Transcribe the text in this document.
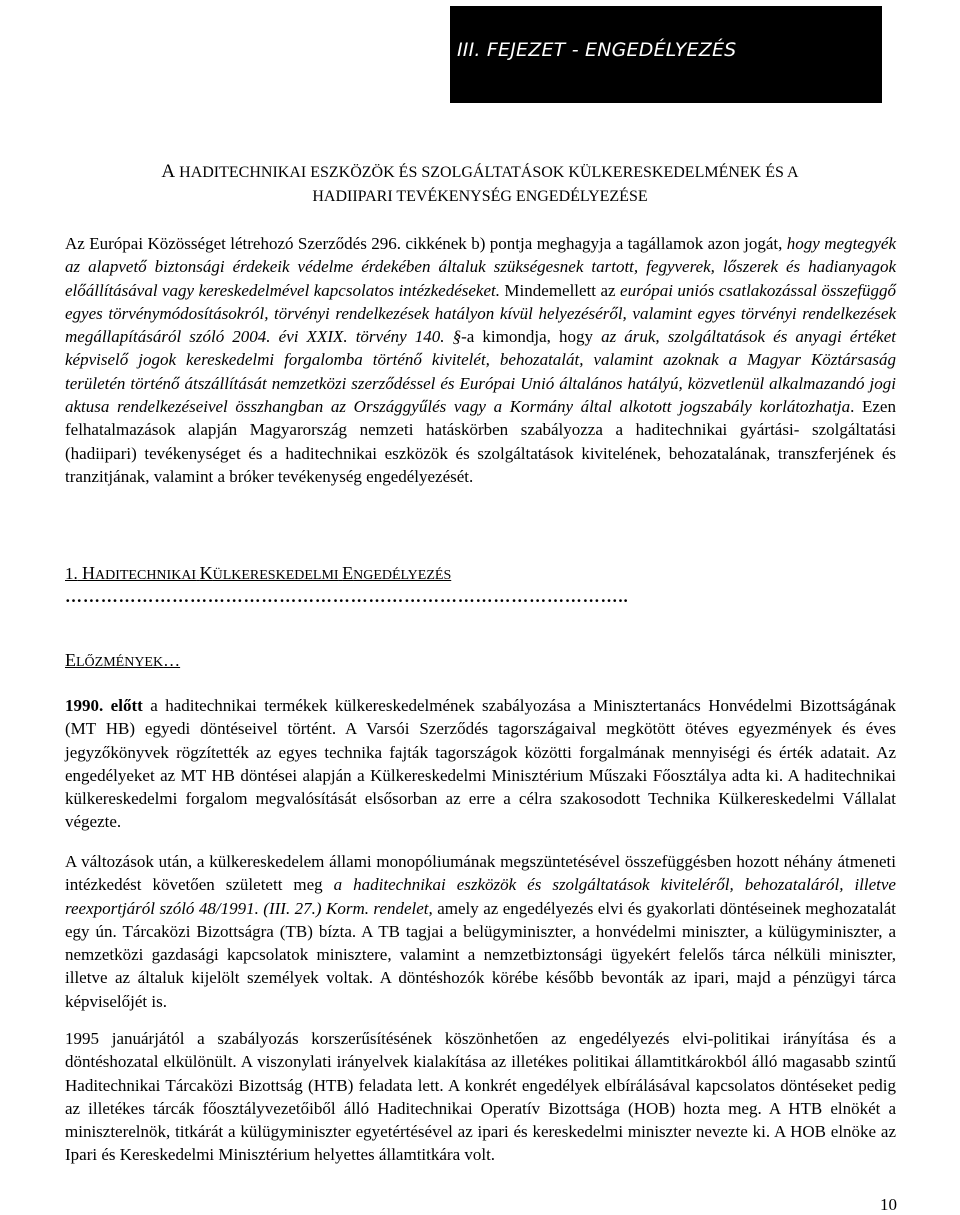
III. FEJEZET - ENGEDÉLYEZÉS
A HADITECHNIKAI ESZKÖZÖK ÉS SZOLGÁLTATÁSOK KÜLKERESKEDELMÉNEK ÉS A
HADIIPARI TEVÉKENYSÉG ENGEDÉLYEZÉSE
Az Európai Közösséget létrehozó Szerződés 296. cikkének b) pontja meghagyja a tagállamok azon jogát, hogy megtegyék az alapvető biztonsági érdekeik védelme érdekében általuk szükségesnek tartott, fegyverek, lőszerek és hadianyagok előállításával vagy kereskedelmével kapcsolatos intézkedéseket. Mindemellett az európai uniós csatlakozással összefüggő egyes törvénymódosításokról, törvényi rendelkezések hatályon kívül helyezéséről, valamint egyes törvényi rendelkezések megállapításáról szóló 2004. évi XXIX. törvény 140. §-a kimondja, hogy az áruk, szolgáltatások és anyagi értéket képviselő jogok kereskedelmi forgalomba történő kivitelét, behozatalát, valamint azoknak a Magyar Köztársaság területén történő átszállítását nemzetközi szerződéssel és Európai Unió általános hatályú, közvetlenül alkalmazandó jogi aktusa rendelkezéseivel összhangban az Országgyűlés vagy a Kormány által alkotott jogszabály korlátozhatja. Ezen felhatalmazások alapján Magyarország nemzeti hatáskörben szabályozza a haditechnikai gyártási- szolgáltatási (hadiipari) tevékenységet és a haditechnikai eszközök és szolgáltatások kivitelének, behozatalának, transzferjének és tranzitjának, valamint a bróker tevékenység engedélyezését.
1. HADITECHNIKAI KÜLKERESKEDELMI ENGEDÉLYEZÉS
…………………………………………………………………………………..
ELŐZMÉNYEK…
1990. előtt a haditechnikai termékek külkereskedelmének szabályozása a Minisztertanács Honvédelmi Bizottságának (MT HB) egyedi döntéseivel történt. A Varsói Szerződés tagországaival megkötött ötéves egyezmények és éves jegyzőkönyvek rögzítették az egyes technika fajták tagországok közötti forgalmának mennyiségi és érték adatait. Az engedélyeket az MT HB döntései alapján a Külkereskedelmi Minisztérium Műszaki Főosztálya adta ki. A haditechnikai külkereskedelmi forgalom megvalósítását elsősorban az erre a célra szakosodott Technika Külkereskedelmi Vállalat végezte.
A változások után, a külkereskedelem állami monopóliumának megszüntetésével összefüggésben hozott néhány átmeneti intézkedést követően született meg a haditechnikai eszközök és szolgáltatások kiviteléről, behozataláról, illetve reexportjáról szóló 48/1991. (III. 27.) Korm. rendelet, amely az engedélyezés elvi és gyakorlati döntéseinek meghozatalát egy ún. Tárcaközi Bizottságra (TB) bízta. A TB tagjai a belügyminiszter, a honvédelmi miniszter, a külügyminiszter, a nemzetközi gazdasági kapcsolatok minisztere, valamint a nemzetbiztonsági ügyekért felelős tárca nélküli miniszter, illetve az általuk kijelölt személyek voltak. A döntéshozók körébe később bevonták az ipari, majd a pénzügyi tárca képviselőjét is.
1995 januárjától a szabályozás korszerűsítésének köszönhetően az engedélyezés elvi-politikai irányítása és a döntéshozatal elkülönült. A viszonylati irányelvek kialakítása az illetékes politikai államtitkárokból álló magasabb szintű Haditechnikai Tárcaközi Bizottság (HTB) feladata lett. A konkrét engedélyek elbírálásával kapcsolatos döntéseket pedig az illetékes tárcák főosztályvezetőiből álló Haditechnikai Operatív Bizottsága (HOB) hozta meg. A HTB elnökét a miniszterelnök, titkárát a külügyminiszter egyetértésével az ipari és kereskedelmi miniszter nevezte ki. A HOB elnöke az Ipari és Kereskedelmi Minisztérium helyettes államtitkára volt.
10
